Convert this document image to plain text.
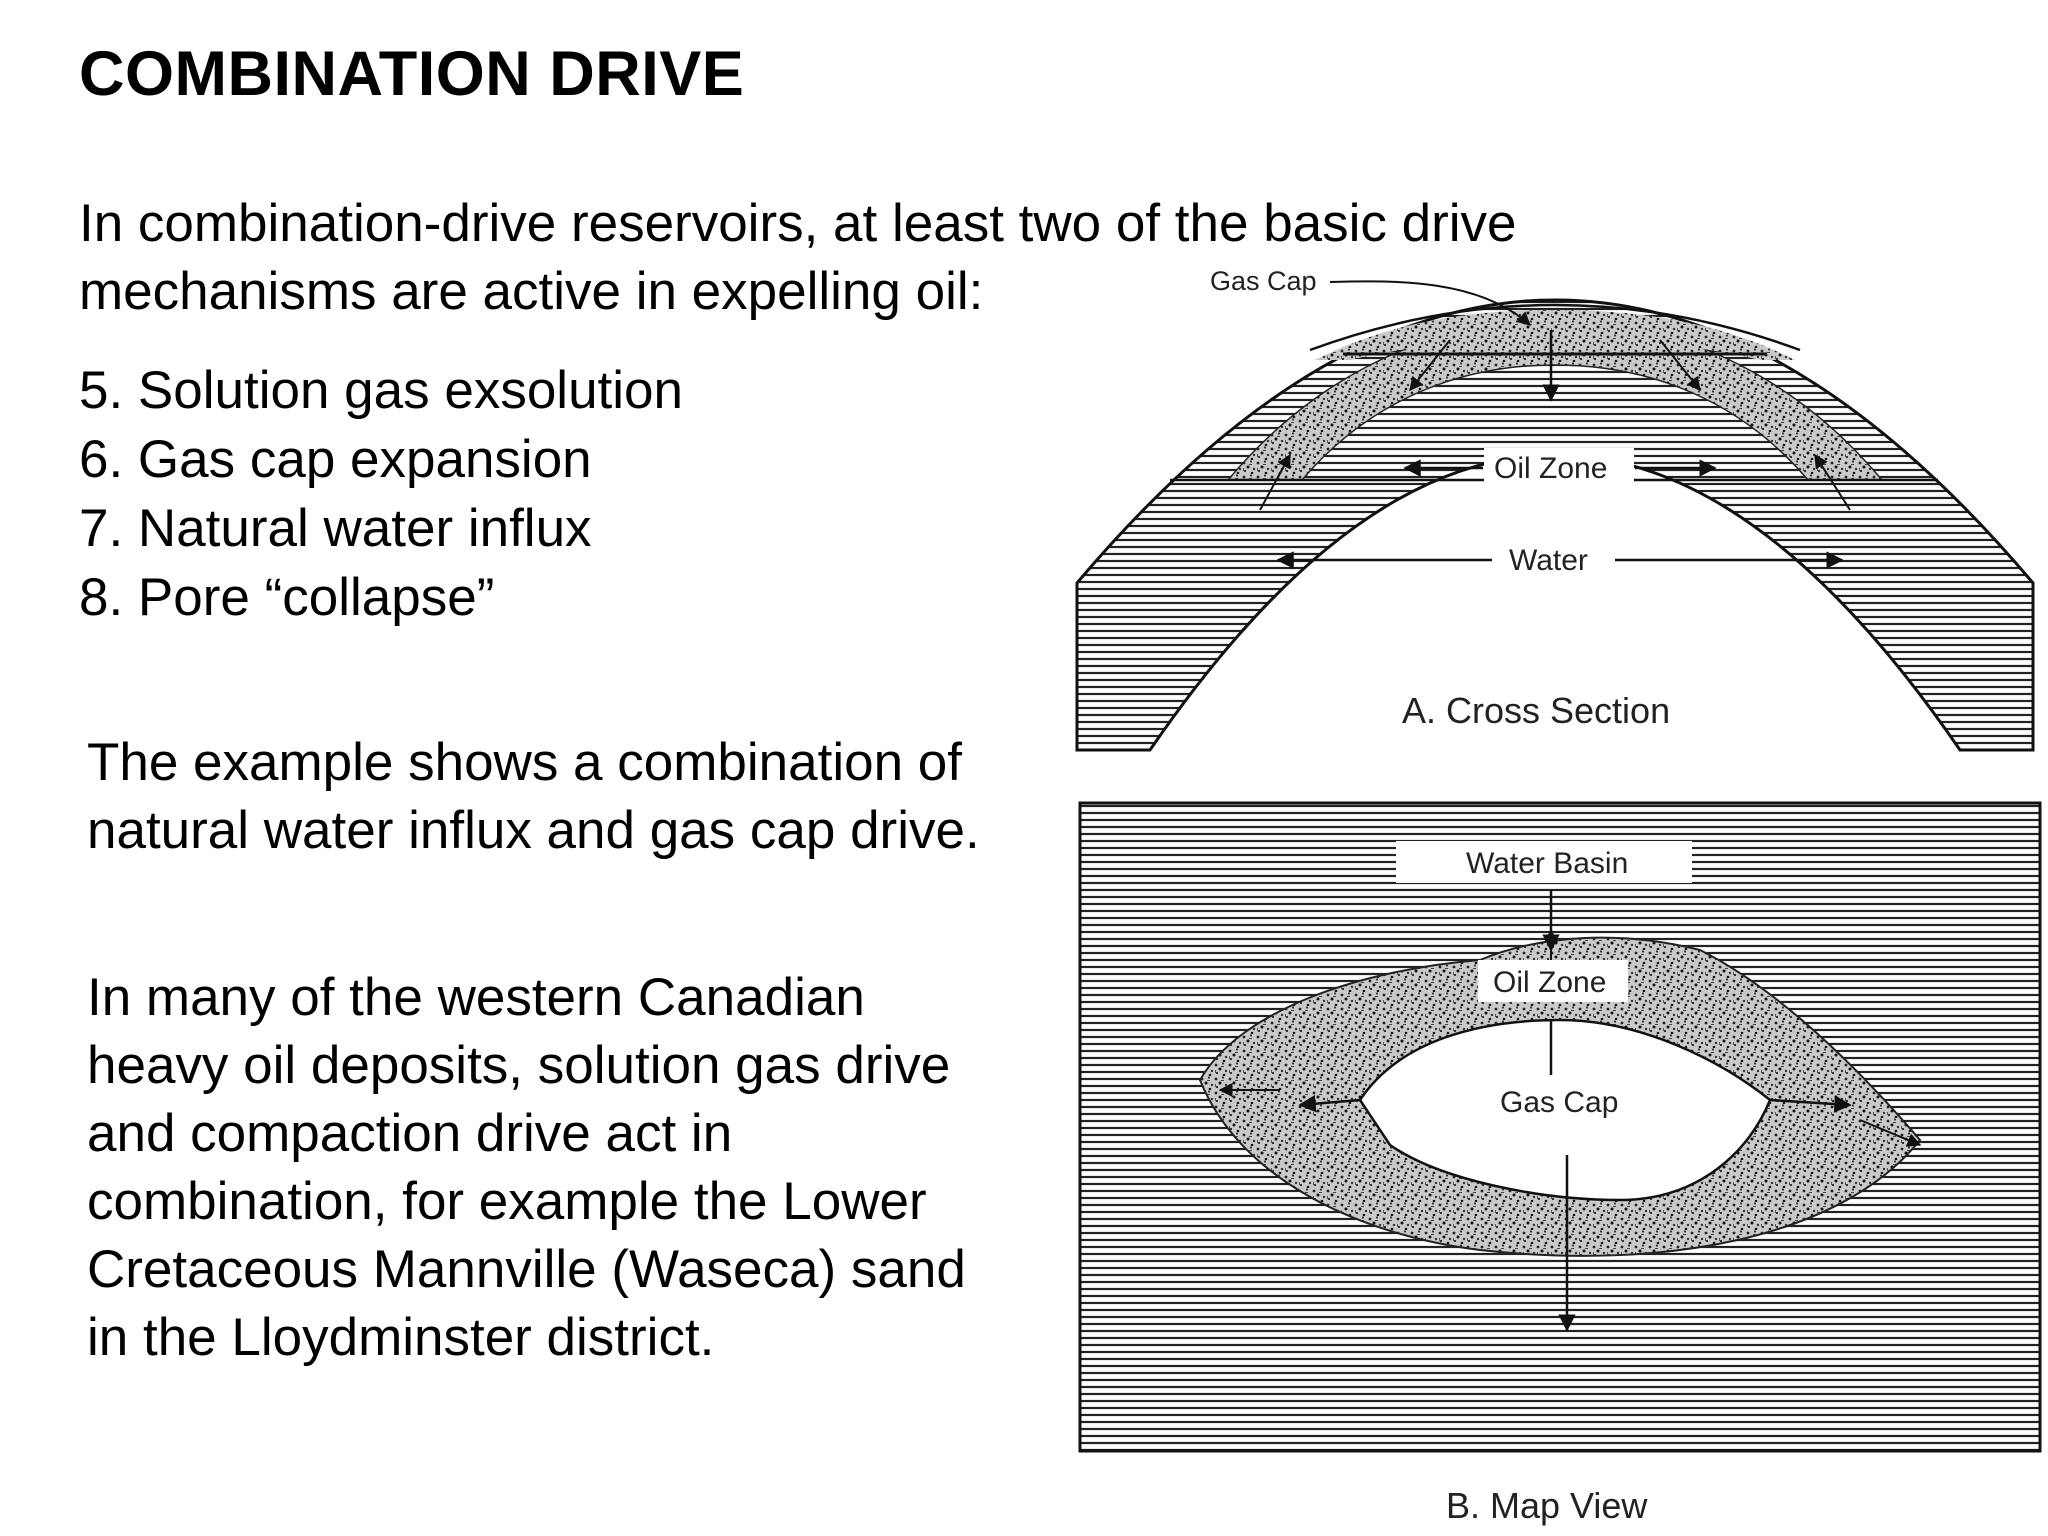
COMBINATION DRIVE

In combination-drive reservoirs, at least two of the basic drive mechanisms are active in expelling oil:

5. Solution gas exsolution
6. Gas cap expansion
7. Natural water influx
8. Pore “collapse”

The example shows a combination of natural water influx and gas cap drive.

In many of the western Canadian heavy oil deposits, solution gas drive and compaction drive act in combination, for example the Lower Cretaceous Mannville (Waseca) sand in the Lloydminster district.

Gas Cap
Oil Zone
Water
A. Cross Section
Water Basin
Oil Zone
Gas Cap
B. Map View
